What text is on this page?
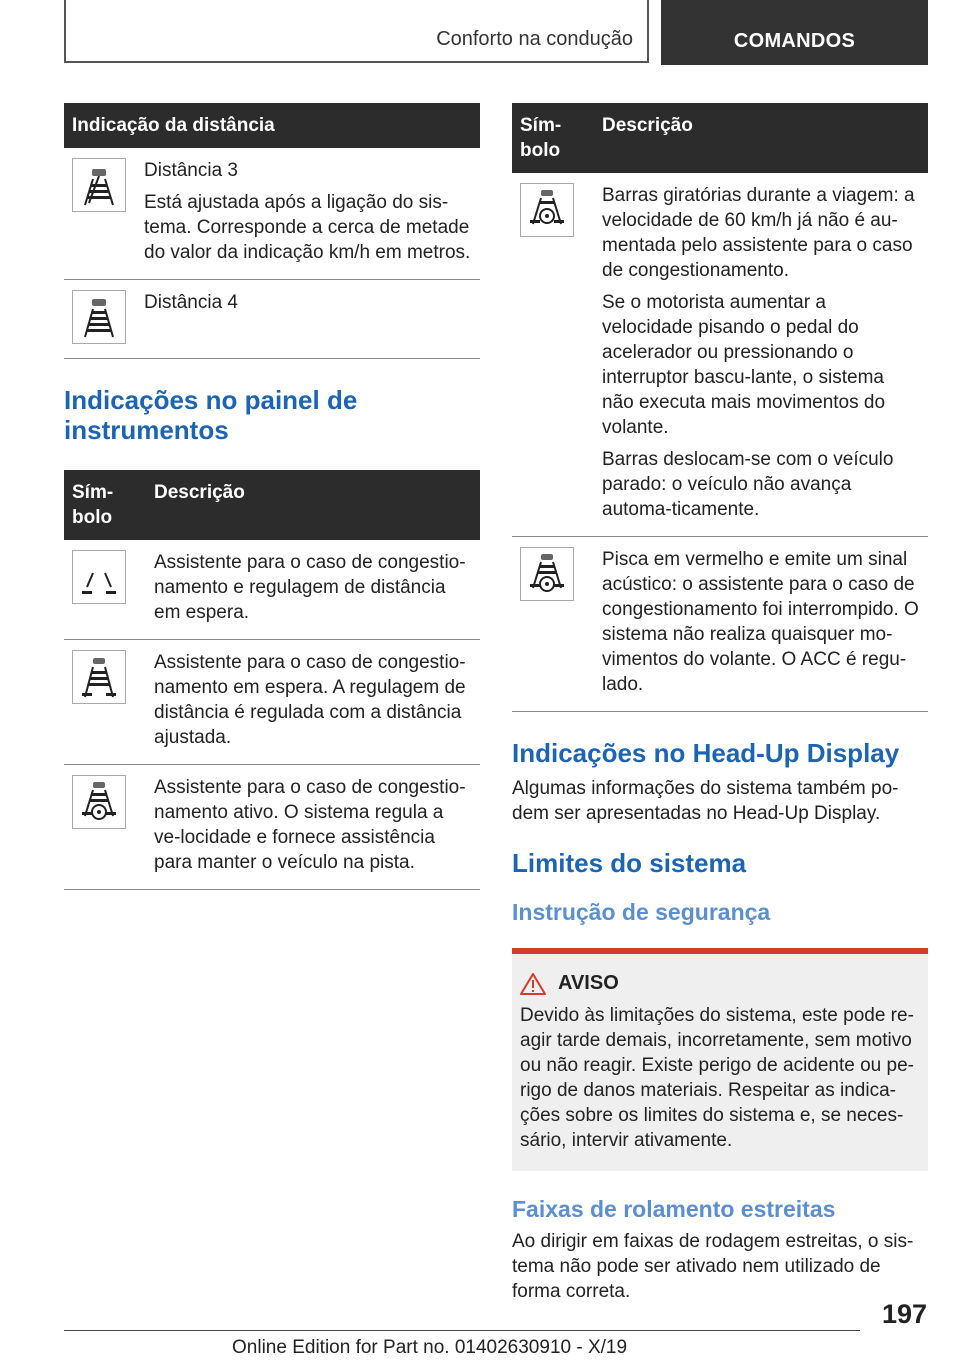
Conforto na condução	COMANDOS
Indicação da distância	

Distância 3

Está ajustada após a ligação do sis-tema. Corresponde a cerca de metade do valor da indicação km/h em metros.

Distância 4

Indicações no painel de instrumentos
Sím-bolo	Descrição

Assistente para o caso de congestio-namento e regulagem de distância em espera.

Assistente para o caso de congestio-namento em espera. A regulagem de distância é regulada com a distância ajustada.

Assistente para o caso de congestio-namento ativo. O sistema regula a ve-locidade e fornece assistência para manter o veículo na pista.

Sím-bolo	Descrição

Barras giratórias durante a viagem: a velocidade de 60 km/h já não é au-mentada pelo assistente para o caso de congestionamento.

Se o motorista aumentar a velocidade pisando o pedal do acelerador ou pressionando o interruptor bascu-lante, o sistema não executa mais movimentos do volante.

Barras deslocam-se com o veículo parado: o veículo não avança automa-ticamente.

Pisca em vermelho e emite um sinal acústico: o assistente para o caso de congestionamento foi interrompido. O sistema não realiza quaisquer mo-vimentos do volante. O ACC é regu-lado.

Indicações no Head-Up Display

Algumas informações do sistema também po-dem ser apresentadas no Head-Up Display.

Limites do sistema
Instrução de segurança
AVISO

Devido às limitações do sistema, este pode re-agir tarde demais, incorretamente, sem motivo ou não reagir. Existe perigo de acidente ou pe-rigo de danos materiais. Respeitar as indica-ções sobre os limites do sistema e, se neces-sário, intervir ativamente.

Faixas de rolamento estreitas

Ao dirigir em faixas de rodagem estreitas, o sis-tema não pode ser ativado nem utilizado de forma correta.

197
Online Edition for Part no. 01402630910 - X/19
